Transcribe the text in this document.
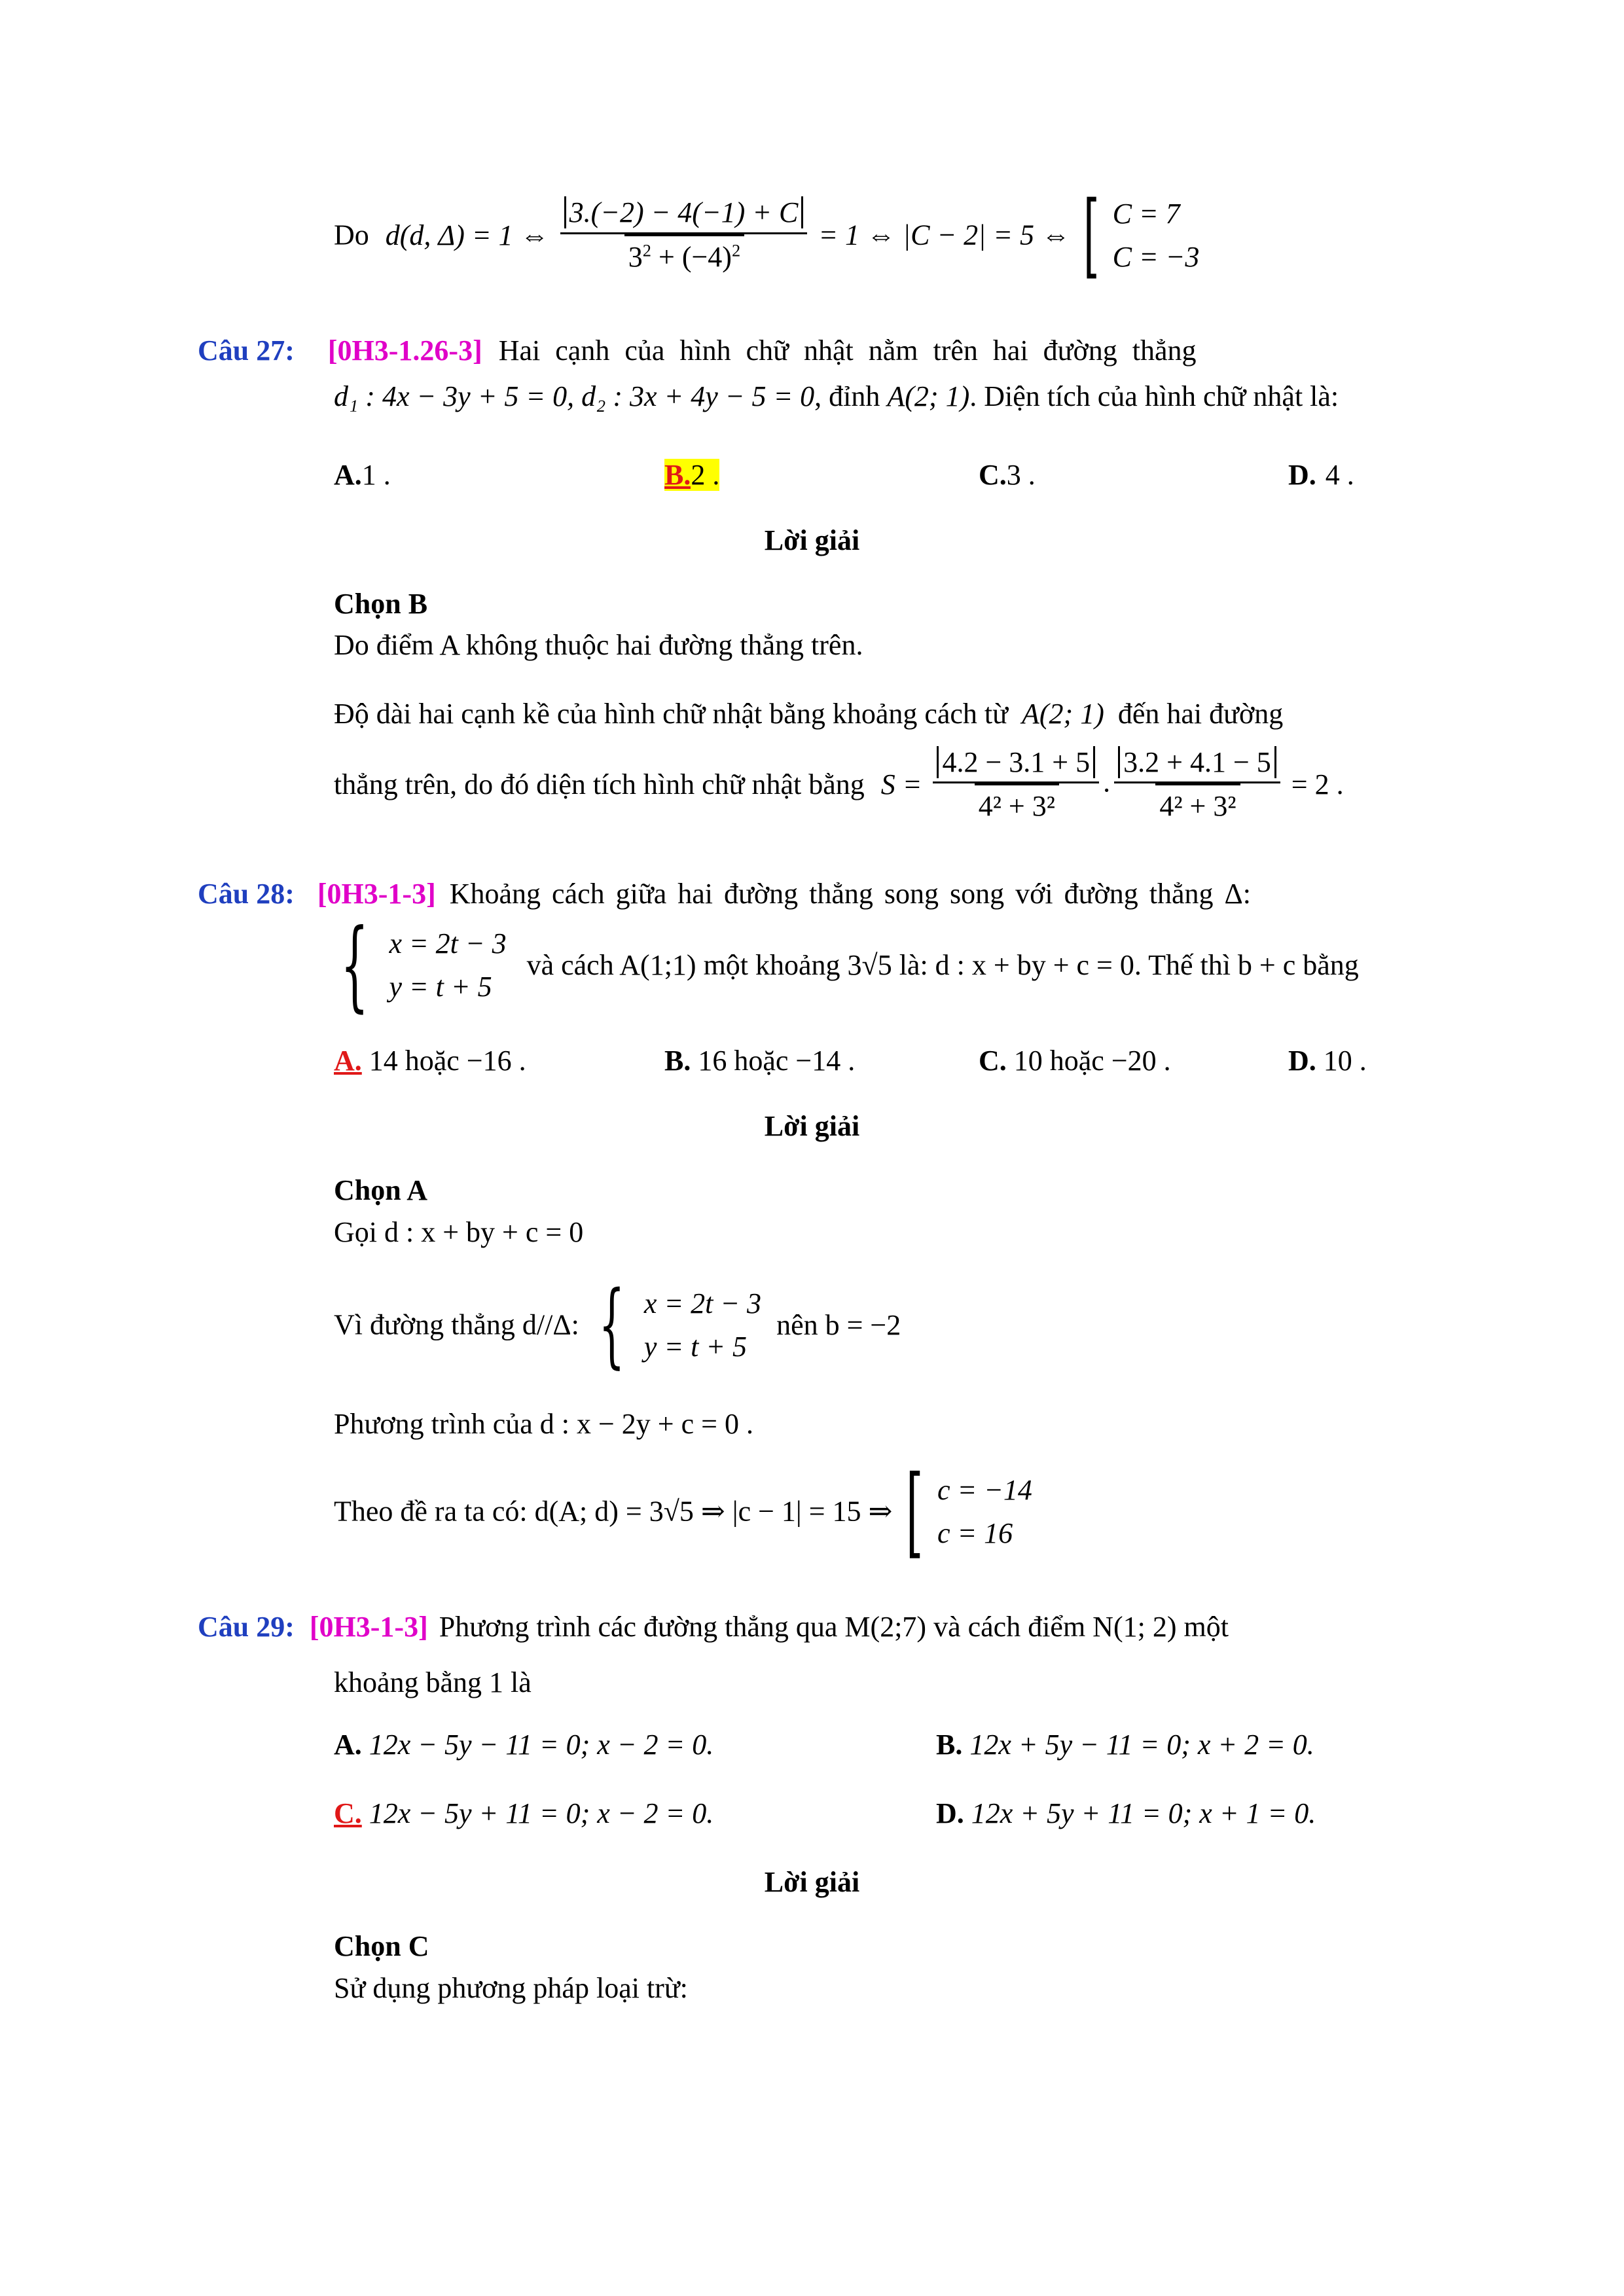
Do d(d, Δ) = 1 ⇔ $\frac{3.(-2) - 4(-1) + C}{3^2 + (-4)^2} = 1$ ⇔ |C − 2| = 5 ⇔ [ C = 7
C = −3
Câu 27: [0H3-1.26-3] Hai cạnh của hình chữ nhật nằm trên hai đường thẳng
d₁ : 4x − 3y + 5 = 0, d₂ : 3x + 4y − 5 = 0, đỉnh A(2; 1). Diện tích của hình chữ nhật là:
A.1 .	B.2 .	C.3 .	D. 4 .
Lời giải
Chọn B
Do điểm A không thuộc hai đường thẳng trên.
Độ dài hai cạnh kề của hình chữ nhật bằng khoảng cách từ A(2; 1) đến hai đường
thẳng trên, do đó diện tích hình chữ nhật bằng $S = \frac{4.2 - 3.1 + 5}{\text{4² + 3²}}$ . $\frac{3.2 + 4.1 - 5}{\text{4² + 3²}} = 2$ .
Câu 28: [0H3-1-3] Khoảng cách giữa hai đường thẳng song song với đường thẳng Δ:
{ x = 2t − 3
y = t + 5
và cách A(1;1) một khoảng 3√5 là: d : x + by + c = 0. Thế thì b + c bằng
A. 14 hoặc −16 .	B. 16 hoặc −14 .	C. 10 hoặc −20 .	D. 10 .
Lời giải
Chọn A
Gọi d : x + by + c = 0
Vì đường thẳng d//Δ: { x = 2t − 3
y = t + 5
nên b = −2
Phương trình của d : x − 2y + c = 0 .
Theo đề ra ta có: d(A; d) = 3√5 ⇒ |c − 1| = 15 ⇒ [ c = −14
c = 16
Câu 29: [0H3-1-3] Phương trình các đường thẳng qua M(2;7) và cách điểm N(1; 2) một
khoảng bằng 1 là
A. 12x − 5y − 11 = 0; x − 2 = 0.	B. 12x + 5y − 11 = 0; x + 2 = 0.
C. 12x − 5y + 11 = 0; x − 2 = 0.	D. 12x + 5y + 11 = 0; x + 1 = 0.
Lời giải
Chọn C
Sử dụng phương pháp loại trừ:
